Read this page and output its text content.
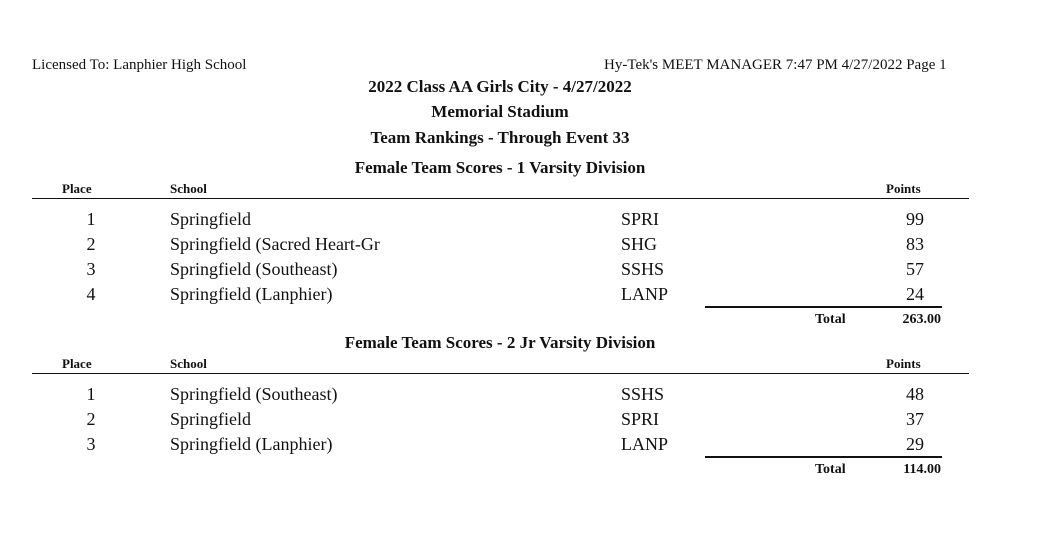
Licensed To: Lanphier High School	Hy-Tek's MEET MANAGER 7:47 PM 4/27/2022 Page 1
2022 Class AA Girls City - 4/27/2022
Memorial Stadium
Team Rankings - Through Event 33
Female Team Scores - 1 Varsity Division
Place	School	Points
1	Springfield	SPRI	99
2	Springfield (Sacred Heart-Gr	SHG	83
3	Springfield (Southeast)	SSHS	57
4	Springfield (Lanphier)	LANP	24
Total	263.00
Female Team Scores - 2 Jr Varsity Division
Place	School	Points
1	Springfield (Southeast)	SSHS	48
2	Springfield	SPRI	37
3	Springfield (Lanphier)	LANP	29
Total	114.00
